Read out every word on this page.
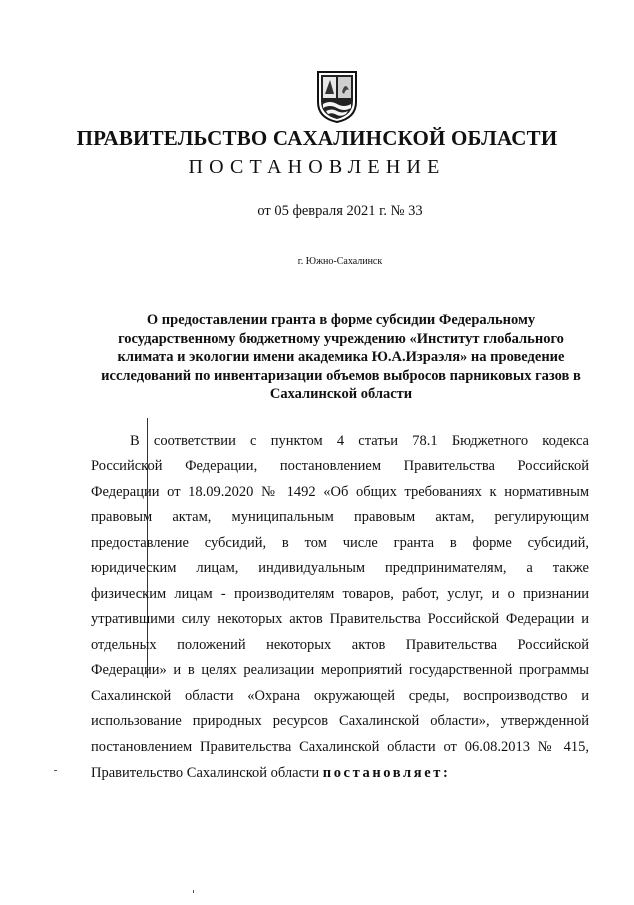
ПРАВИТЕЛЬСТВО САХАЛИНСКОЙ ОБЛАСТИ
ПОСТАНОВЛЕНИЕ
от 05 февраля 2021 г. № 33
г. Южно-Сахалинск
О предоставлении гранта в форме субсидии Федеральному государственному бюджетному учреждению «Институт глобального климата и экологии имени академика Ю.А.Израэля» на проведение исследований по инвентаризации объемов выбросов парниковых газов в Сахалинской области
В соответствии с пунктом 4 статьи 78.1 Бюджетного кодекса
Российской Федерации, постановлением Правительства Российской
Федерации от 18.09.2020 № 1492 «Об общих требованиях к нормативным
правовым актам, муниципальным правовым актам, регулирующим
предоставление субсидий, в том числе гранта в форме субсидий,
юридическим лицам, индивидуальным предпринимателям, а также
физическим лицам - производителям товаров, работ, услуг, и о признании
утратившими силу некоторых актов Правительства Российской Федерации и
отдельных положений некоторых актов Правительства Российской
Федерации» и в целях реализации мероприятий государственной программы
Сахалинской области «Охрана окружающей среды, воспроизводство и
использование природных ресурсов Сахалинской области», утвержденной
постановлением Правительства Сахалинской области от 06.08.2013 № 415,
Правительство Сахалинской области постановляет:
